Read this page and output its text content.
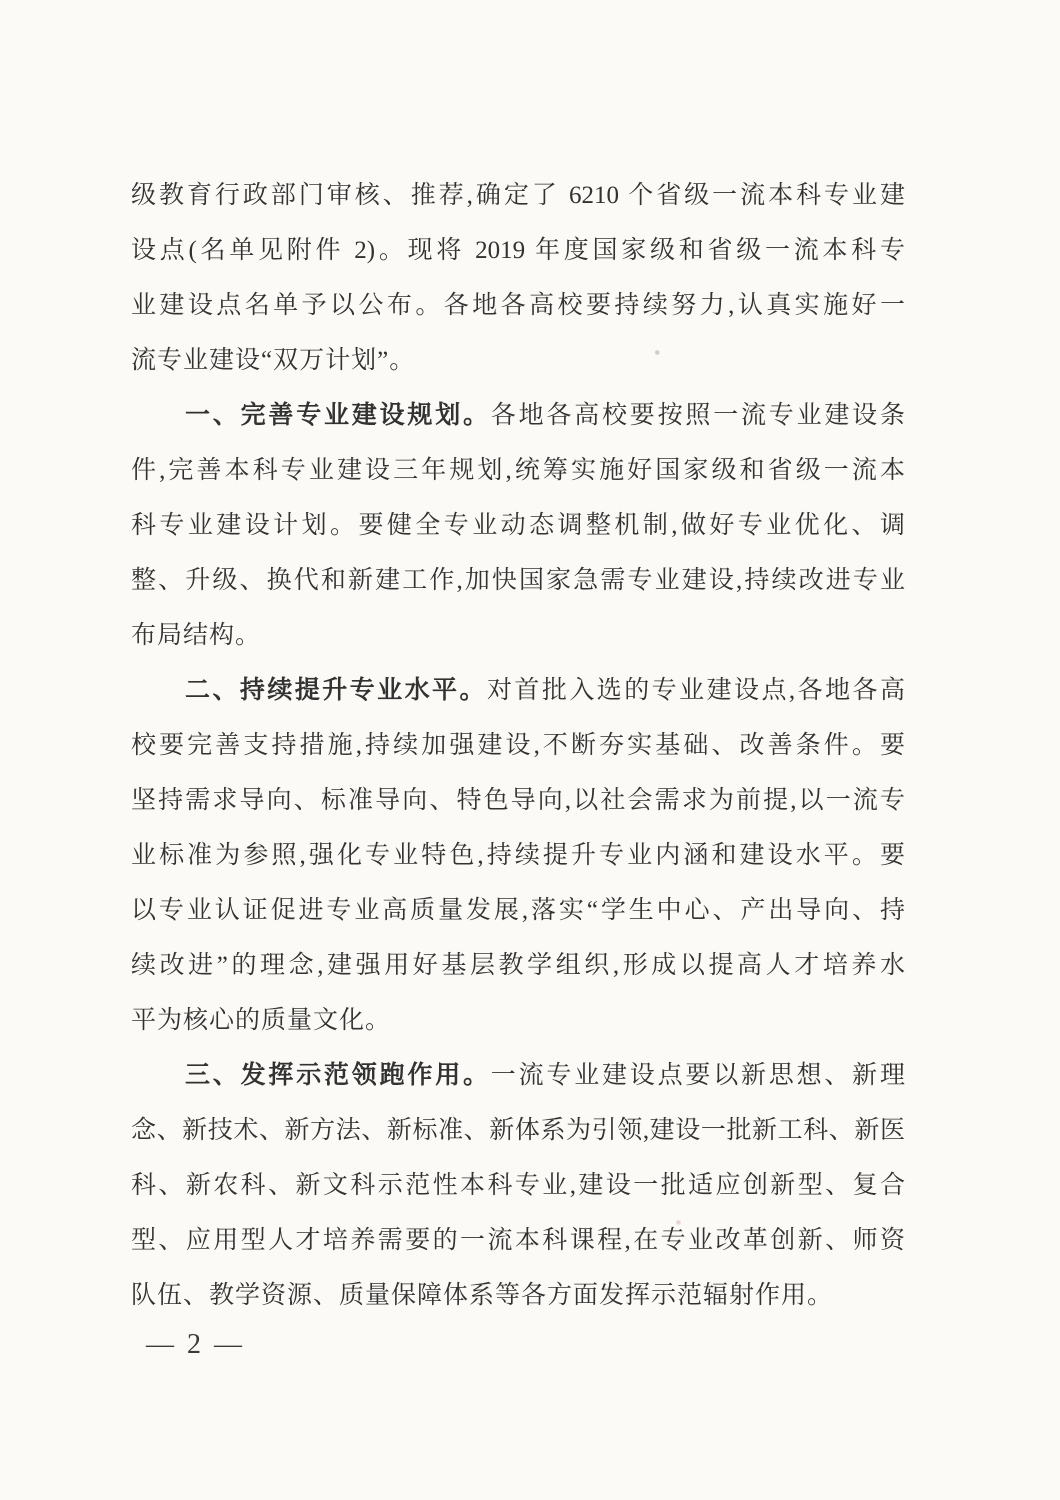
级教育行政部门审核、推荐,确定了 6210 个省级一流本科专业建
设点(名单见附件 2)。现将 2019 年度国家级和省级一流本科专
业建设点名单予以公布。各地各高校要持续努力,认真实施好一
流专业建设“双万计划”。
一、完善专业建设规划。各地各高校要按照一流专业建设条
件,完善本科专业建设三年规划,统筹实施好国家级和省级一流本
科专业建设计划。要健全专业动态调整机制,做好专业优化、调
整、升级、换代和新建工作,加快国家急需专业建设,持续改进专业
布局结构。
二、持续提升专业水平。对首批入选的专业建设点,各地各高
校要完善支持措施,持续加强建设,不断夯实基础、改善条件。要
坚持需求导向、标准导向、特色导向,以社会需求为前提,以一流专
业标准为参照,强化专业特色,持续提升专业内涵和建设水平。要
以专业认证促进专业高质量发展,落实“学生中心、产出导向、持
续改进”的理念,建强用好基层教学组织,形成以提高人才培养水
平为核心的质量文化。
三、发挥示范领跑作用。一流专业建设点要以新思想、新理
念、新技术、新方法、新标准、新体系为引领,建设一批新工科、新医
科、新农科、新文科示范性本科专业,建设一批适应创新型、复合
型、应用型人才培养需要的一流本科课程,在专业改革创新、师资
队伍、教学资源、质量保障体系等各方面发挥示范辐射作用。
— 2 —
